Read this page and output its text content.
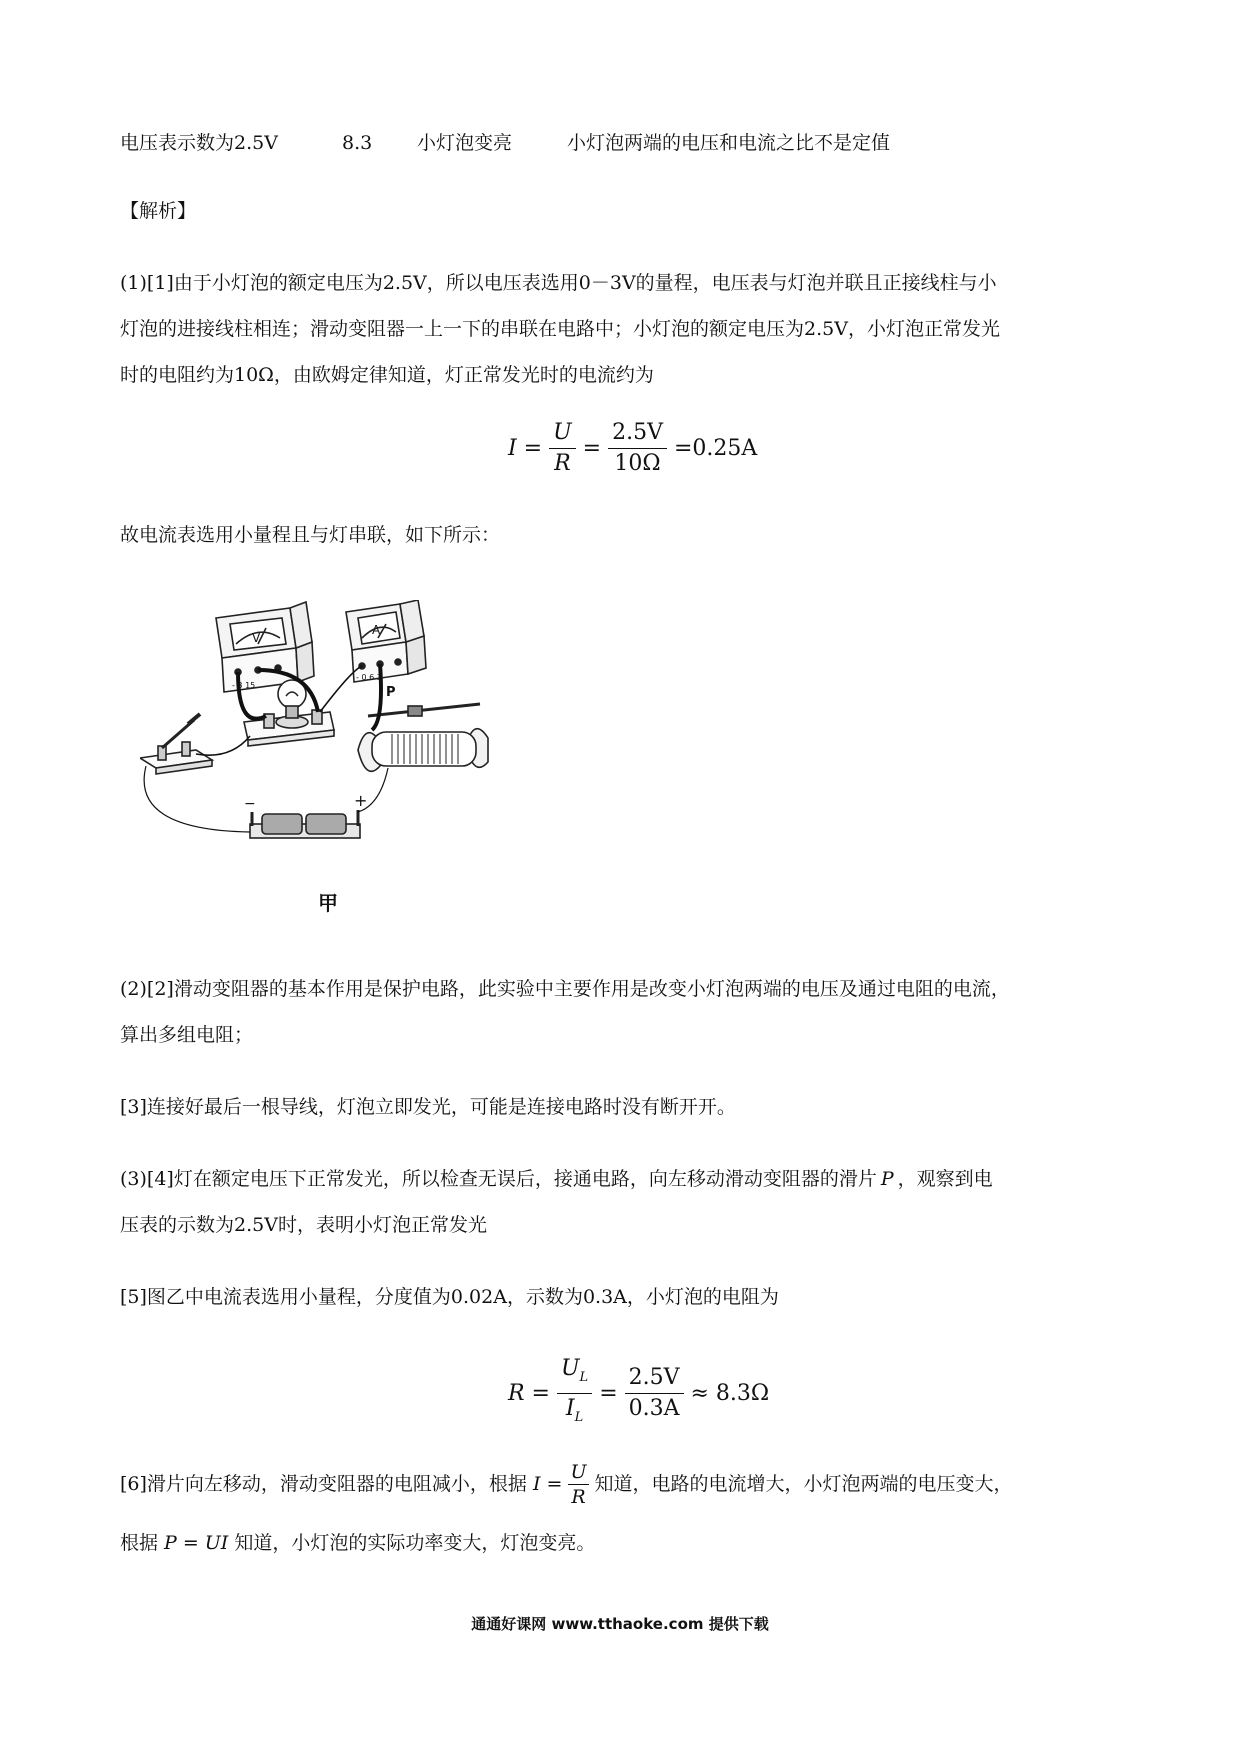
电压表示数为2.5V	8.3 小灯泡变亮	小灯泡两端的电压和电流之比不是定值
【解析】
(1)[1]由于小灯泡的额定电压为2.5V，所以电压表选用0－3V的量程，电压表与灯泡并联且正接线柱与小
灯泡的进接线柱相连；滑动变阻器一上一下的串联在电路中；小灯泡的额定电压为2.5V，小灯泡正常发光
时的电阻约为10Ω，由欧姆定律知道，灯正常发光时的电流约为
$I = \frac{U}{R} = \frac{2.5V}{10\Omega} =0.25A$
故电流表选用小量程且与灯串联，如下所示：
V
A
P
- 3 15
- 0.6 3
−	+
甲
(2)[2]滑动变阻器的基本作用是保护电路，此实验中主要作用是改变小灯泡两端的电压及通过电阻的电流，
算出多组电阻；
[3]连接好最后一根导线，灯泡立即发光，可能是连接电路时没有断开开。
(3)[4]灯在额定电压下正常发光，所以检查无误后，接通电路，向左移动滑动变阻器的滑片 P ，观察到电
压表的示数为2.5V时，表明小灯泡正常发光
[5]图乙中电流表选用小量程，分度值为0.02A，示数为0.3A，小灯泡的电阻为
$R = \frac{U_L}{I_L} = \frac{2.5V}{0.3A} \approx 8.3\Omega$
[6]滑片向左移动，滑动变阻器的电阻减小，根据 $I = \frac{U}{R}$ 知道，电路的电流增大，小灯泡两端的电压变大，
根据 P = UI 知道，小灯泡的实际功率变大，灯泡变亮。
通通好课网 www.tthaoke.com 提供下载
